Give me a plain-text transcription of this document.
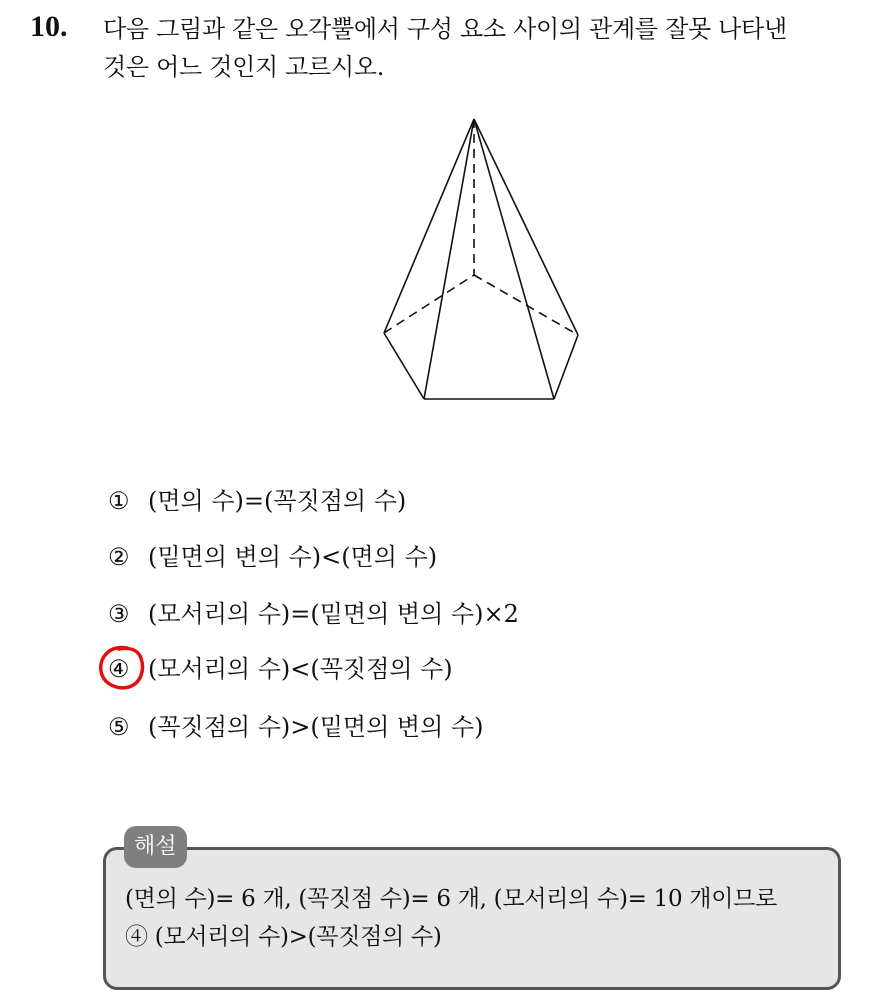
10. 다음 그림과 같은 오각뿔에서 구성 요소 사이의 관계를 잘못 나타낸
것은 어느 것인지 고르시오.
① (면의 수)=(꼭짓점의 수)
② (밑면의 변의 수)<(면의 수)
③ (모서리의 수)=(밑면의 변의 수)×2
④ (모서리의 수)<(꼭짓점의 수)
⑤ (꼭짓점의 수)>(밑면의 변의 수)
해설
(면의 수)= 6 개, (꼭짓점 수)= 6 개, (모서리의 수)= 10 개이므로
④ (모서리의 수)>(꼭짓점의 수)
